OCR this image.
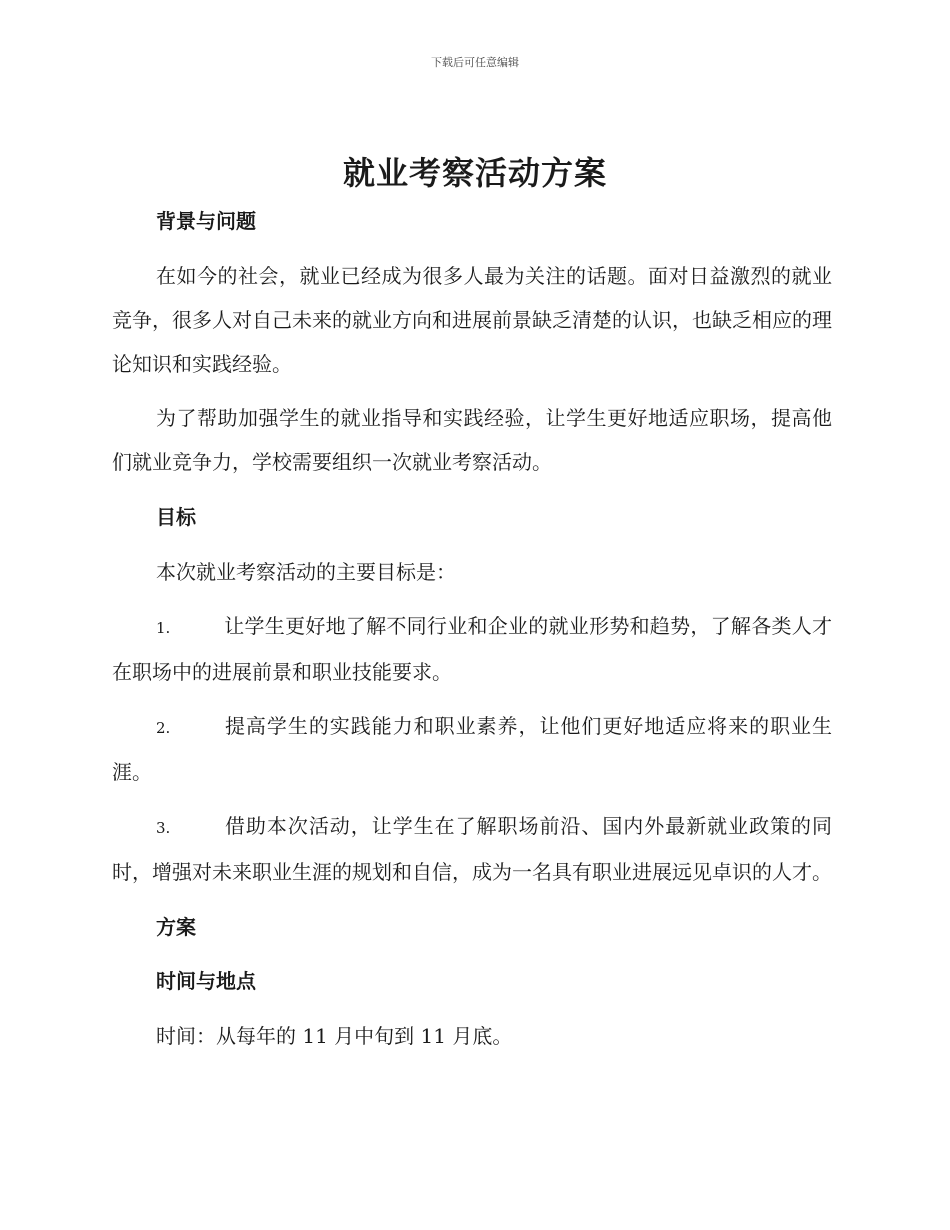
下载后可任意编辑
就业考察活动方案

背景与问题

在如今的社会，就业已经成为很多人最为关注的话题。面对日益激烈的就业竞争，很多人对自己未来的就业方向和进展前景缺乏清楚的认识，也缺乏相应的理论知识和实践经验。

为了帮助加强学生的就业指导和实践经验，让学生更好地适应职场，提高他们就业竞争力，学校需要组织一次就业考察活动。

目标

本次就业考察活动的主要目标是：

1.	让学生更好地了解不同行业和企业的就业形势和趋势，了解各类人才在职场中的进展前景和职业技能要求。

2.	提高学生的实践能力和职业素养，让他们更好地适应将来的职业生涯。

3.	借助本次活动，让学生在了解职场前沿、国内外最新就业政策的同时，增强对未来职业生涯的规划和自信，成为一名具有职业进展远见卓识的人才。

方案

时间与地点

时间：从每年的 11 月中旬到 11 月底。
